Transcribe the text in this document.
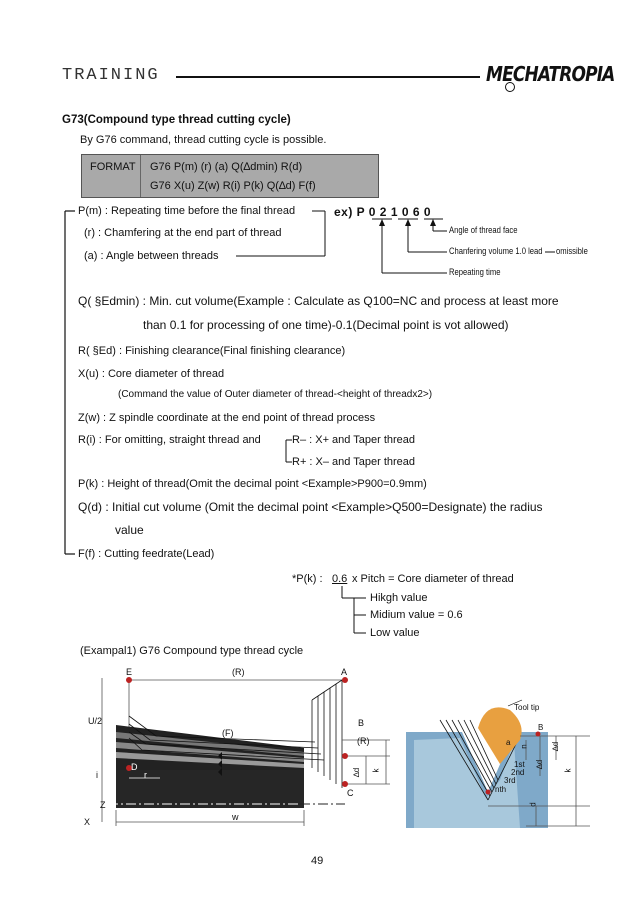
TRAINING	MECHATROPIA
G73(Compound type thread cutting cycle)
By G76 command, thread cutting cycle is possible.
FORMAT G76 P(m) (r) (a) Q(∆dmin) R(d)
G76 X(u) Z(w) R(i) P(k) Q(∆d) F(f)
P(m) : Repeating time before the final thread
(r) : Chamfering at the end part of thread
(a) : Angle between threads
ex) P 0 2 1 0 6 0
Angle of thread face
Chanfering volume 1.0 lead omissible
Repeating time
Q( §Edmin) : Min. cut volume(Example : Calculate as Q100=NC and process at least more
than 0.1 for processing of one time)-0.1(Decimal point is vot allowed)
R( §Ed) : Finishing clearance(Final finishing clearance)
X(u) : Core diameter of thread
(Command the value of Outer diameter of thread-<height of threadx2>)
Z(w) : Z spindle coordinate at the end point of thread process
R(i) : For omitting, straight thread and	R– : X+ and Taper thread
R+ : X– and Taper thread
P(k) : Height of thread(Omit the decimal point <Example>P900=0.9mm)
Q(d) : Initial cut volume (Omit the decimal point <Example>Q500=Designate) the radius
value
F(f) : Cutting feedrate(Lead)
*P(k) : 0.6 x Pitch = Core diameter of thread
Hikgh value
Midium value = 0.6
Low value
(Exampal1) G76 Compound type thread cycle
E	A
(R)
(F)
U/2
D
r
i
Z
X	w
B
(R)
C
∆d k
Tool tip
B
a n	∆d
∆d
k
d
1st
2nd
3rd
nth
49
